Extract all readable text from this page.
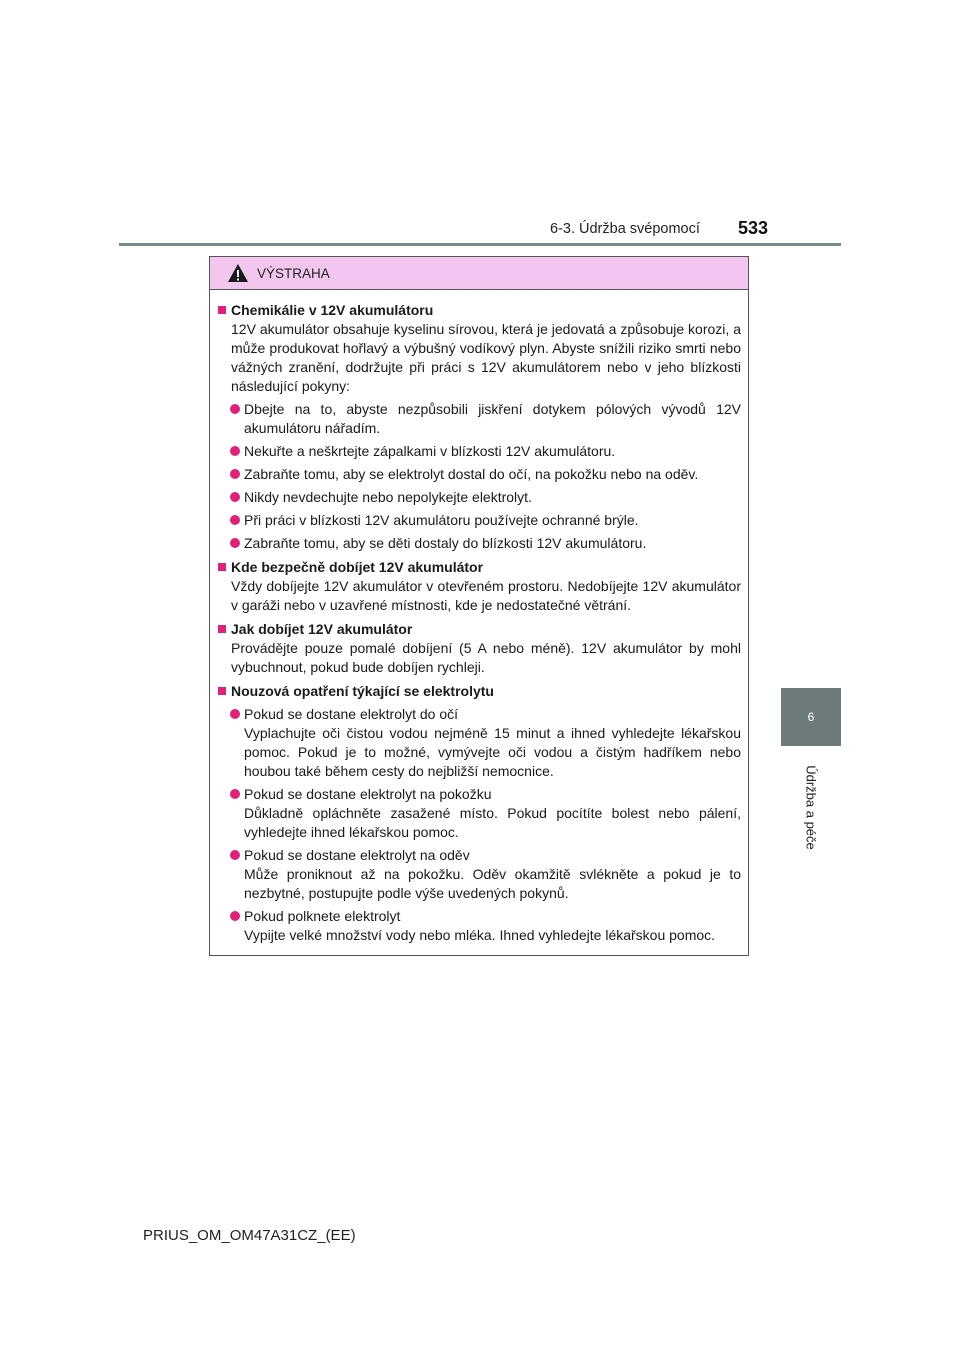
6-3. Údržba svépomocí 533
6
Údržba a péče
VÝSTRAHA
Chemikálie v 12V akumulátoru
12V akumulátor obsahuje kyselinu sírovou, která je jedovatá a způsobuje korozi, a může produkovat hořlavý a výbušný vodíkový plyn. Abyste snížili riziko smrti nebo vážných zranění, dodržujte při práci s 12V akumulátorem nebo v jeho blízkosti následující pokyny:
Dbejte na to, abyste nezpůsobili jiskření dotykem pólových vývodů 12V akumulátoru nářadím.
Nekuřte a neškrtejte zápalkami v blízkosti 12V akumulátoru.
Zabraňte tomu, aby se elektrolyt dostal do očí, na pokožku nebo na oděv.
Nikdy nevdechujte nebo nepolykejte elektrolyt.
Při práci v blízkosti 12V akumulátoru používejte ochranné brýle.
Zabraňte tomu, aby se děti dostaly do blízkosti 12V akumulátoru.
Kde bezpečně dobíjet 12V akumulátor
Vždy dobíjejte 12V akumulátor v otevřeném prostoru. Nedobíjejte 12V akumulátor v garáži nebo v uzavřené místnosti, kde je nedostatečné větrání.
Jak dobíjet 12V akumulátor
Provádějte pouze pomalé dobíjení (5 A nebo méně). 12V akumulátor by mohl vybuchnout, pokud bude dobíjen rychleji.
Nouzová opatření týkající se elektrolytu
Pokud se dostane elektrolyt do očí
Vyplachujte oči čistou vodou nejméně 15 minut a ihned vyhledejte lékařskou pomoc. Pokud je to možné, vymývejte oči vodou a čistým hadříkem nebo houbou také během cesty do nejbližší nemocnice.
Pokud se dostane elektrolyt na pokožku
Důkladně opláchněte zasažené místo. Pokud pocítíte bolest nebo pálení, vyhledejte ihned lékařskou pomoc.
Pokud se dostane elektrolyt na oděv
Může proniknout až na pokožku. Oděv okamžitě svlékněte a pokud je to nezbytné, postupujte podle výše uvedených pokynů.
Pokud polknete elektrolyt
Vypijte velké množství vody nebo mléka. Ihned vyhledejte lékařskou pomoc.
PRIUS_OM_OM47A31CZ_(EE)
